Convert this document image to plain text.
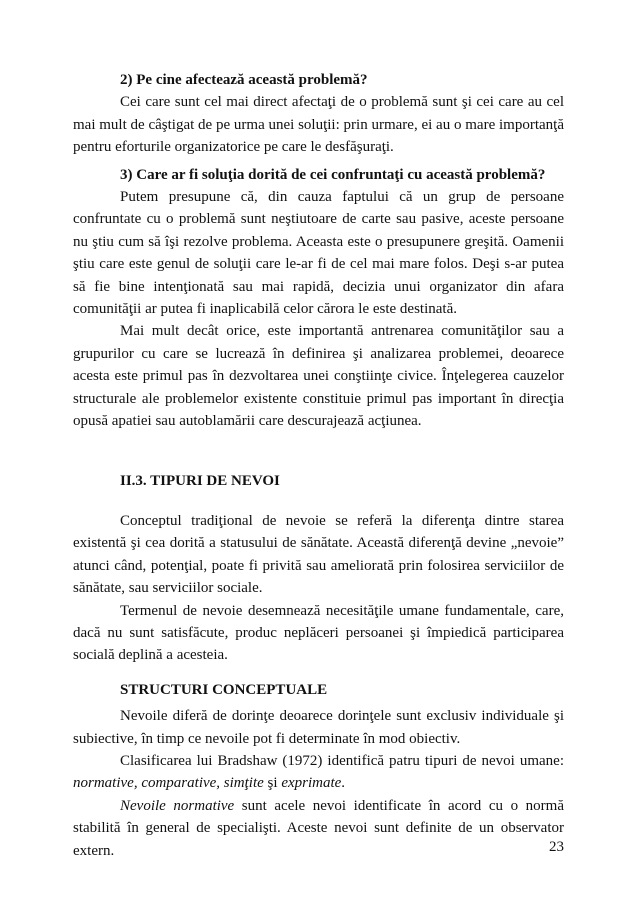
2) Pe cine afectează această problemă?

Cei care sunt cel mai direct afectaţi de o problemă sunt şi cei care au cel mai mult de câştigat de pe urma unei soluţii: prin urmare, ei au o mare importanţă pentru eforturile organizatorice pe care le desfăşuraţi.

3) Care ar fi soluţia dorită de cei confruntaţi cu această problemă?

Putem presupune că, din cauza faptului că un grup de persoane confruntate cu o problemă sunt neştiutoare de carte sau pasive, aceste persoane nu ştiu cum să îşi rezolve problema. Aceasta este o presupunere greşită. Oamenii ştiu care este genul de soluţii care le-ar fi de cel mai mare folos. Deşi s-ar putea să fie bine intenţionată sau mai rapidă, decizia unui organizator din afara comunităţii ar putea fi inaplicabilă celor cărora le este destinată.

Mai mult decât orice, este importantă antrenarea comunităţilor sau a grupurilor cu care se lucrează în definirea şi analizarea problemei, deoarece acesta este primul pas în dezvoltarea unei conştiinţe civice. Înţelegerea cauzelor structurale ale problemelor existente constituie primul pas important în direcţia opusă apatiei sau autoblamării care descurajează acţiunea.

II.3. TIPURI DE NEVOI

Conceptul tradiţional de nevoie se referă la diferenţa dintre starea existentă şi cea dorită a statusului de sănătate. Această diferenţă devine „nevoie” atunci când, potenţial, poate fi privită sau ameliorată prin folosirea serviciilor de sănătate, sau serviciilor sociale.

Termenul de nevoie desemnează necesităţile umane fundamentale, care, dacă nu sunt satisfăcute, produc neplăceri persoanei şi împiedică participarea socială deplină a acesteia.

STRUCTURI CONCEPTUALE

Nevoile diferă de dorinţe deoarece dorinţele sunt exclusiv individuale şi subiective, în timp ce nevoile pot fi determinate în mod obiectiv.

Clasificarea lui Bradshaw (1972) identifică patru tipuri de nevoi umane: normative, comparative, simţite şi exprimate.

Nevoile normative sunt acele nevoi identificate în acord cu o normă stabilită în general de specialişti. Aceste nevoi sunt definite de un observator extern.	23
